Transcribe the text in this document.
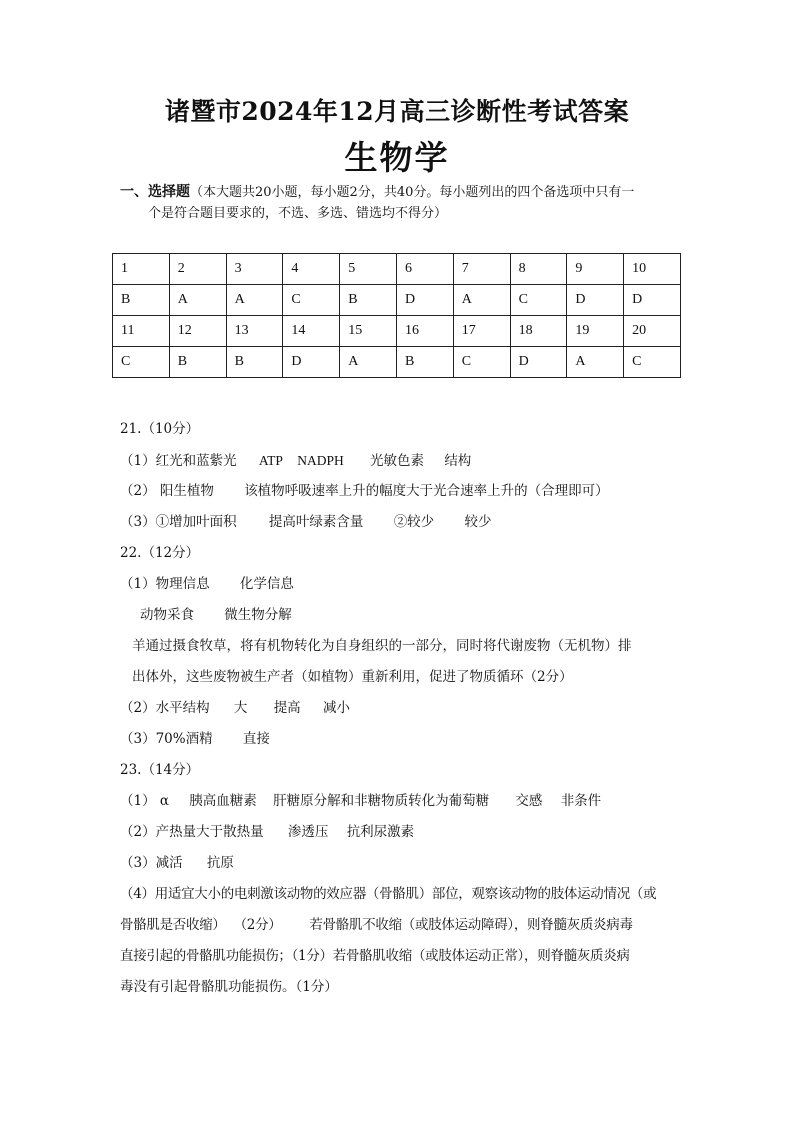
诸暨市2024年12月高三诊断性考试答案
生物学
一、选择题（本大题共20小题，每小题2分，共40分。每小题列出的四个备选项中只有一
个是符合题目要求的，不选、多选、错选均不得分）
1	2	3	4	5	6	7	8	9	10
B	A	A	C	B	D	A	C	D	D
11	12	13	14	15	16	17	18	19	20
C	B	B	D	A	B	C	D	A	C
21.（10分）
（1）红光和蓝紫光 ATP NADPH 光敏色素 结构
（2） 阳生植物 该植物呼吸速率上升的幅度大于光合速率上升的（合理即可）
（3）①增加叶面积 提高叶绿素含量 ②较少 较少
22.（12分）
（1）物理信息 化学信息
动物采食 微生物分解
羊通过摄食牧草，将有机物转化为自身组织的一部分，同时将代谢废物（无机物）排
出体外，这些废物被生产者（如植物）重新利用，促进了物质循环（2分）
（2）水平结构 大 提高 减小
（3）70%酒精 直接
23.（14分）
（1） α 胰高血糖素 肝糖原分解和非糖物质转化为葡萄糖 交感 非条件
（2）产热量大于散热量 渗透压 抗利尿激素
（3）减活 抗原
（4）用适宜大小的电刺激该动物的效应器（骨骼肌）部位，观察该动物的肢体运动情况（或
骨骼肌是否收缩）  （2分）       若骨骼肌不收缩（或肢体运动障碍），则脊髓灰质炎病毒
直接引起的骨骼肌功能损伤；（1分）若骨骼肌收缩（或肢体运动正常），则脊髓灰质炎病
毒没有引起骨骼肌功能损伤。（1分）
